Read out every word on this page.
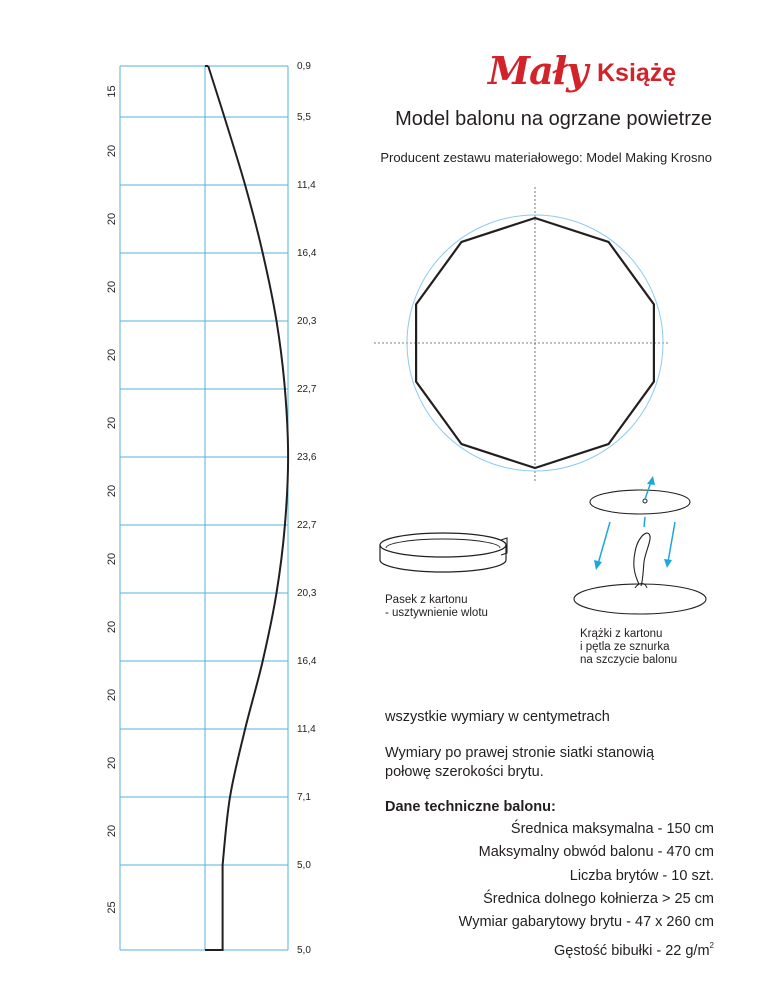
0,9
5,5
11,4
16,4
20,3
22,7
23,6
22,7
20,3
16,4
11,4
7,1
5,0
5,0
15
20
20
20
20
20
20
20
20
20
20
20
25
Mały Książę
Model balonu na ogrzane powietrze
Producent zestawu materiałowego: Model Making Krosno
Pasek z kartonu
- usztywnienie wlotu
Krążki z kartonu
i pętla ze sznurka
na szczycie balonu
wszystkie wymiary w centymetrach
Wymiary po prawej stronie siatki stanowią
połowę szerokości brytu.
Dane techniczne balonu:
Średnica maksymalna - 150 cm
Maksymalny obwód balonu - 470 cm
Liczba brytów - 10 szt.
Średnica dolnego kołnierza > 25 cm
Wymiar gabarytowy brytu - 47 x 260 cm
Gęstość bibułki - 22 $g/m^2$
